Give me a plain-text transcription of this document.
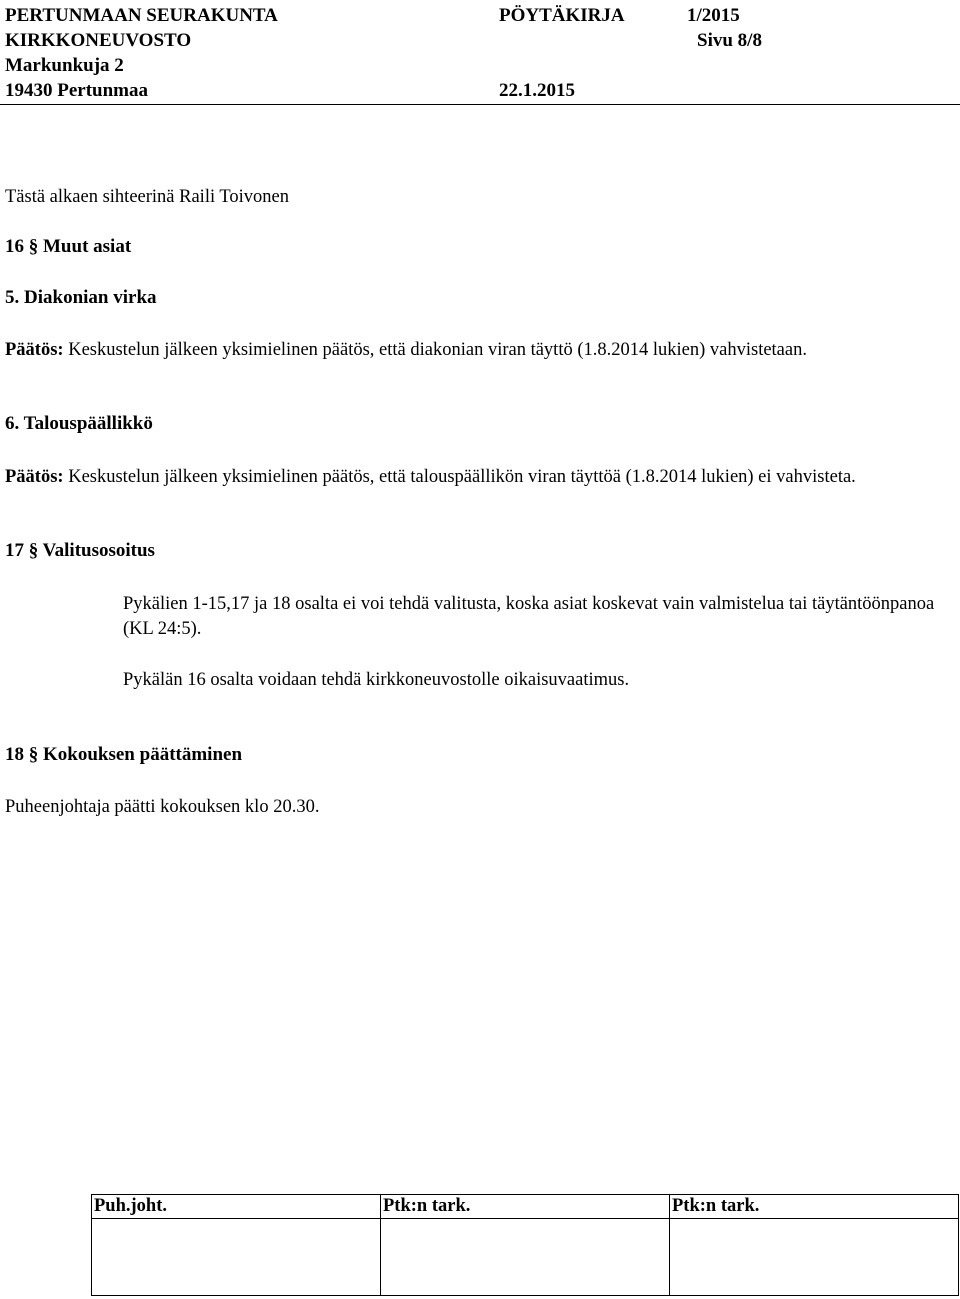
PERTUNMAAN SEURAKUNTA	PÖYTÄKIRJA	1/2015
KIRKKONEUVOSTO	Sivu 8/8
Markunkuja 2
19430 Pertunmaa	22.1.2015
Tästä alkaen sihteerinä Raili Toivonen
16 § Muut asiat
5. Diakonian virka
Päätös: Keskustelun jälkeen yksimielinen päätös, että diakonian viran täyttö (1.8.2014 lukien) vahvistetaan.
6. Talouspäällikkö
Päätös: Keskustelun jälkeen yksimielinen päätös, että talouspäällikön viran täyttöä (1.8.2014 lukien) ei vahvisteta.
17 § Valitusosoitus
Pykälien 1-15,17 ja 18 osalta ei voi tehdä valitusta, koska asiat koskevat vain valmistelua tai täytäntöönpanoa (KL 24:5).
Pykälän 16 osalta voidaan tehdä kirkkoneuvostolle oikaisuvaatimus.
18 § Kokouksen päättäminen
Puheenjohtaja päätti kokouksen klo 20.30.
Puh.joht.	Ptk:n tark.	Ptk:n tark.
